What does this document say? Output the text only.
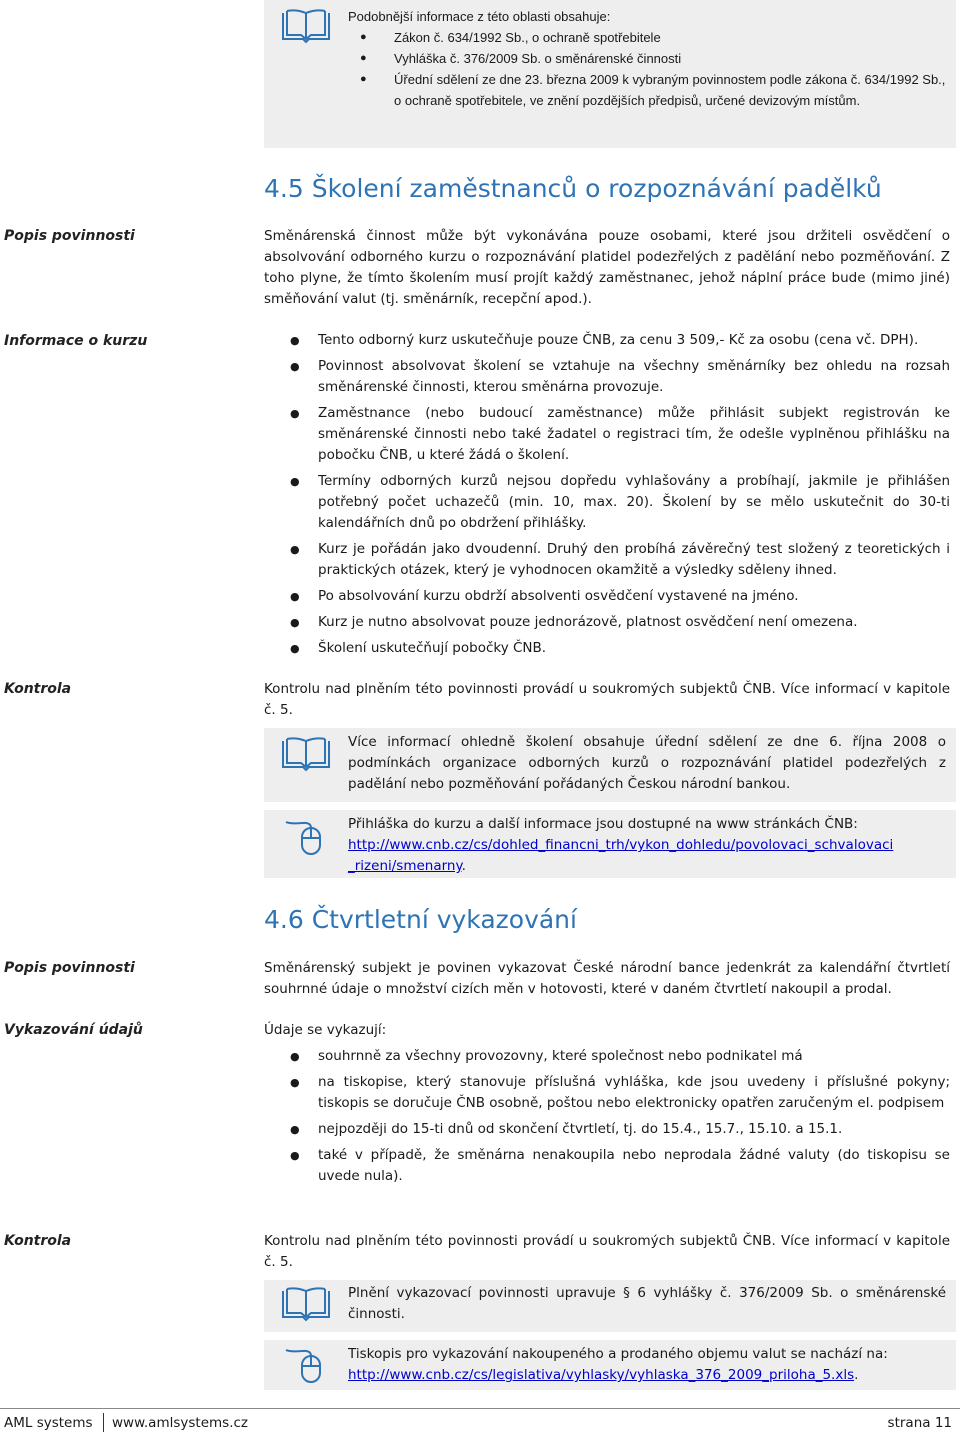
Podobnější informace z této oblasti obsahuje:
● Zákon č. 634/1992 Sb., o ochraně spotřebitele
● Vyhláška č. 376/2009 Sb. o směnárenské činnosti
● Úřední sdělení ze dne 23. března 2009 k vybraným povinnostem podle zákona č. 634/1992 Sb., o ochraně spotřebitele, ve znění pozdějších předpisů, určené devizovým místům.
4.5 Školení zaměstnanců o rozpoznávání padělků
Popis povinnosti	Směnárenská činnost může být vykonávána pouze osobami, které jsou držiteli osvědčení o absolvování odborného kurzu o rozpoznávání platidel podezřelých z padělání nebo pozměňování. Z toho plyne, že tímto školením musí projít každý zaměstnanec, jehož náplní práce bude (mimo jiné) směňování valut (tj. směnárník, recepční apod.).
Informace o kurzu
●	Tento odborný kurz uskutečňuje pouze ČNB, za cenu 3 509,- Kč za osobu (cena vč. DPH).
● Povinnost absolvovat školení se vztahuje na všechny směnárníky bez ohledu na rozsah směnárenské činnosti, kterou směnárna provozuje.
● Zaměstnance (nebo budoucí zaměstnance) může přihlásit subjekt registrován ke směnárenské činnosti nebo také žadatel o registraci tím, že odešle vyplněnou přihlášku na pobočku ČNB, u které žádá o školení.
● Termíny odborných kurzů nejsou dopředu vyhlašovány a probíhají, jakmile je přihlášen potřebný počet uchazečů (min. 10, max. 20). Školení by se mělo uskutečnit do 30-ti kalendářních dnů po obdržení přihlášky.
● Kurz je pořádán jako dvoudenní. Druhý den probíhá závěrečný test složený z teoretických i praktických otázek, který je vyhodnocen okamžitě a výsledky sděleny ihned.
● Po absolvování kurzu obdrží absolventi osvědčení vystavené na jméno.
● Kurz je nutno absolvovat pouze jednorázově, platnost osvědčení není omezena.
● Školení uskutečňují pobočky ČNB.
Kontrola	Kontrolu nad plněním této povinnosti provádí u soukromých subjektů ČNB. Více informací v kapitole č. 5.
Více informací ohledně školení obsahuje úřední sdělení ze dne 6. října 2008 o podmínkách organizace odborných kurzů o rozpoznávání platidel podezřelých z padělání nebo pozměňování pořádaných Českou národní bankou.
Přihláška do kurzu a další informace jsou dostupné na www stránkách ČNB:
http://www.cnb.cz/cs/dohled_financni_trh/vykon_dohledu/povolovaci_schvalovaci
_rizeni/smenarny.
4.6 Čtvrtletní vykazování
Popis povinnosti	Směnárenský subjekt je povinen vykazovat České národní bance jedenkrát za kalendářní čtvrtletí souhrnné údaje o množství cizích měn v hotovosti, které v daném čtvrtletí nakoupil a prodal.
Vykazování údajů	Údaje se vykazují:
● souhrnně za všechny provozovny, které společnost nebo podnikatel má
● na tiskopise, který stanovuje příslušná vyhláška, kde jsou uvedeny i příslušné pokyny; tiskopis se doručuje ČNB osobně, poštou nebo elektronicky opatřen zaručeným el. podpisem
● nejpozději do 15-ti dnů od skončení čtvrtletí, tj. do 15.4., 15.7., 15.10. a 15.1.
● také v případě, že směnárna nenakoupila nebo neprodala žádné valuty (do tiskopisu se uvede nula).
Kontrola	Kontrolu nad plněním této povinnosti provádí u soukromých subjektů ČNB. Více informací v kapitole č. 5.
Plnění vykazovací povinnosti upravuje § 6 vyhlášky č. 376/2009 Sb. o směnárenské činnosti.
Tiskopis pro vykazování nakoupeného a prodaného objemu valut se nachází na:
http://www.cnb.cz/cs/legislativa/vyhlasky/vyhlaska_376_2009_priloha_5.xls.
AML systems www.amlsystems.cz	strana 11
